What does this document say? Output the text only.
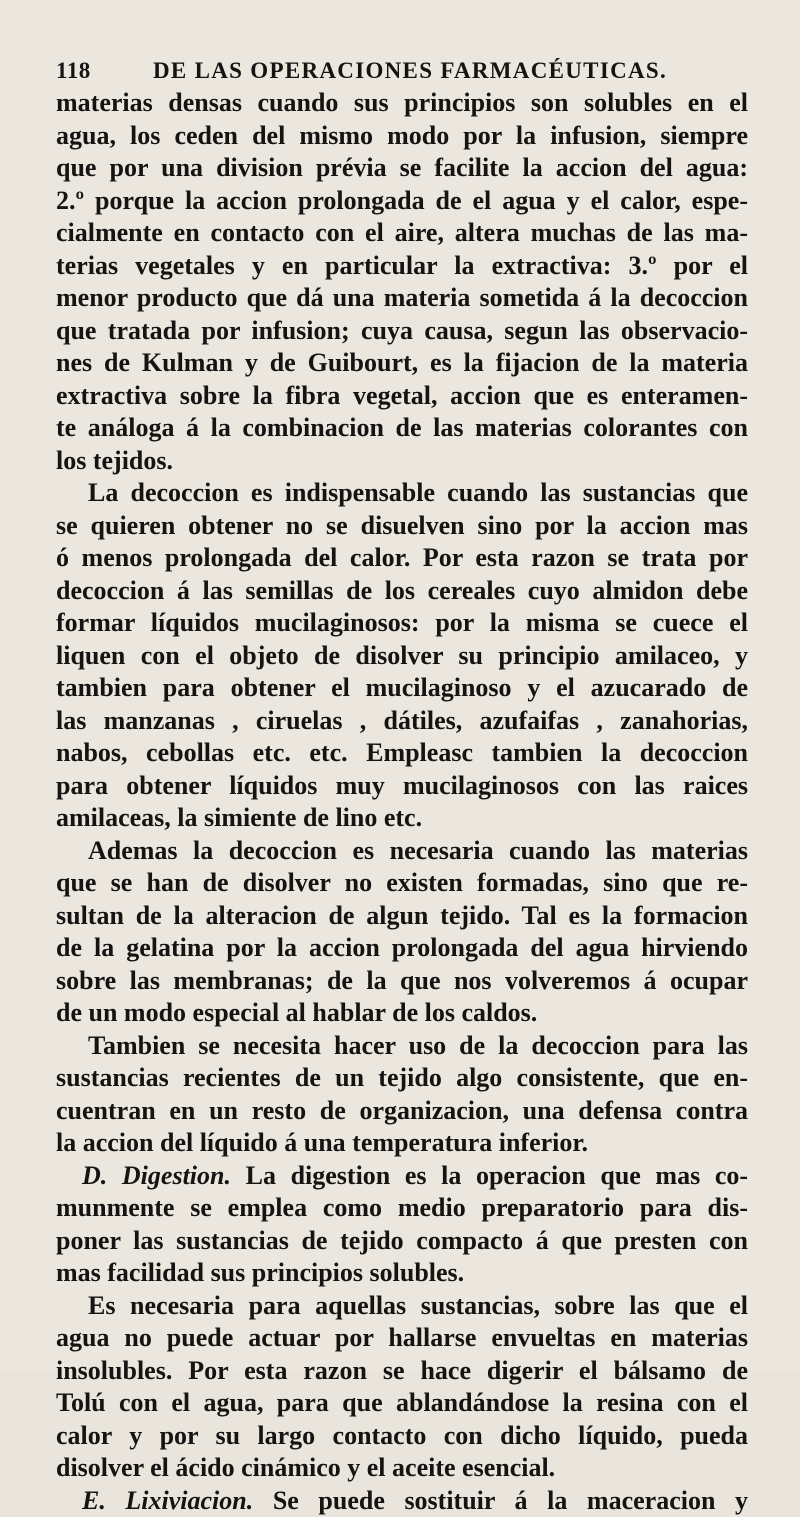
118	DE LAS OPERACIONES FARMACÉUTICAS.
materias densas cuando sus principios son solubles en el
agua, los ceden del mismo modo por la infusion, siempre
que por una division prévia se facilite la accion del agua:
2.º porque la accion prolongada de el agua y el calor, espe-
cialmente en contacto con el aire, altera muchas de las ma-
terias vegetales y en particular la extractiva: 3.º por el
menor producto que dá una materia sometida á la decoccion
que tratada por infusion; cuya causa, segun las observacio-
nes de Kulman y de Guibourt, es la fijacion de la materia
extractiva sobre la fibra vegetal, accion que es enteramen-
te análoga á la combinacion de las materias colorantes con
los tejidos.
La decoccion es indispensable cuando las sustancias que
se quieren obtener no se disuelven sino por la accion mas
ó menos prolongada del calor. Por esta razon se trata por
decoccion á las semillas de los cereales cuyo almidon debe
formar líquidos mucilaginosos: por la misma se cuece el
liquen con el objeto de disolver su principio amilaceo, y
tambien para obtener el mucilaginoso y el azucarado de
las manzanas , ciruelas , dátiles, azufaifas , zanahorias,
nabos, cebollas etc. etc. Empleasc tambien la decoccion
para obtener líquidos muy mucilaginosos con las raices
amilaceas, la simiente de lino etc.
Ademas la decoccion es necesaria cuando las materias
que se han de disolver no existen formadas, sino que re-
sultan de la alteracion de algun tejido. Tal es la formacion
de la gelatina por la accion prolongada del agua hirviendo
sobre las membranas; de la que nos volveremos á ocupar
de un modo especial al hablar de los caldos.
Tambien se necesita hacer uso de la decoccion para las
sustancias recientes de un tejido algo consistente, que en-
cuentran en un resto de organizacion, una defensa contra
la accion del líquido á una temperatura inferior.
D. Digestion. La digestion es la operacion que mas co-
munmente se emplea como medio preparatorio para dis-
poner las sustancias de tejido compacto á que presten con
mas facilidad sus principios solubles.
Es necesaria para aquellas sustancias, sobre las que el
agua no puede actuar por hallarse envueltas en materias
insolubles. Por esta razon se hace digerir el bálsamo de
Tolú con el agua, para que ablandándose la resina con el
calor y por su largo contacto con dicho líquido, pueda
disolver el ácido cinámico y el aceite esencial.
E. Lixiviacion. Se puede sostituir á la maceracion y
